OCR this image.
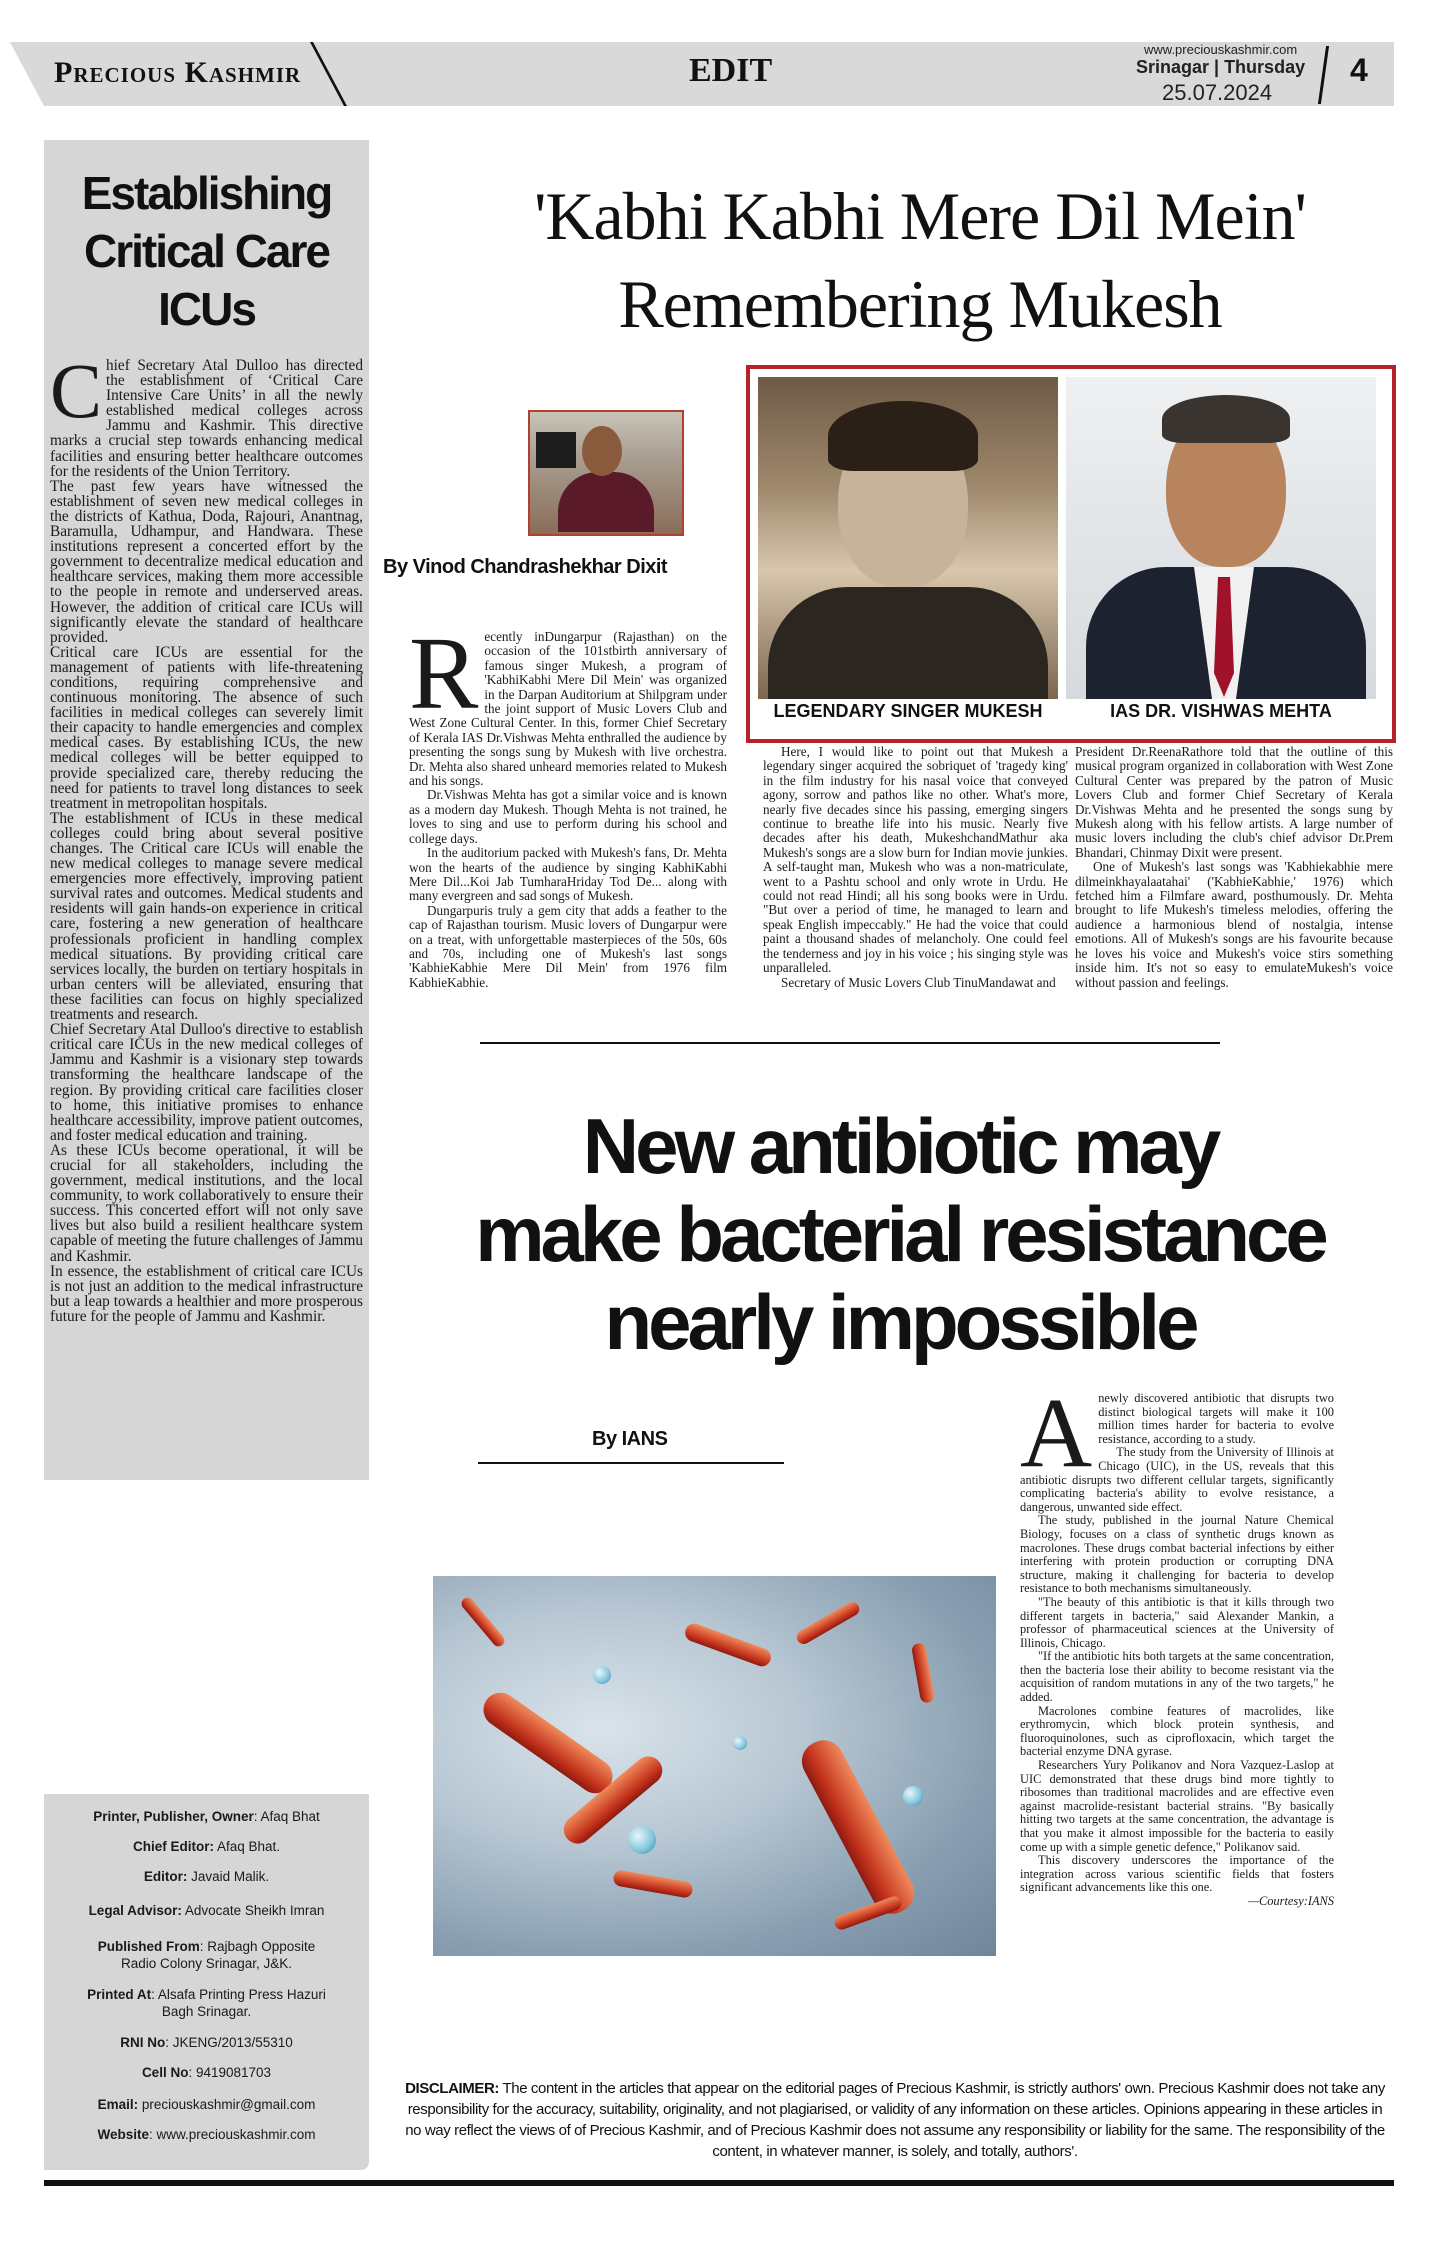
Precious Kashmir	EDIT
www.preciouskashmir.com
Srinagar | Thursday
25.07.2024
4
Establishing Critical Care ICUs

Chief Secretary Atal Dulloo has directed the establishment of ‘Critical Care Intensive Care Units’ in all the newly established medical colleges across Jammu and Kashmir. This directive marks a crucial step towards enhancing medical facilities and ensuring better healthcare outcomes for the residents of the Union Territory.

The past few years have witnessed the establishment of seven new medical colleges in the districts of Kathua, Doda, Rajouri, Anantnag, Baramulla, Udhampur, and Handwara. These institutions represent a concerted effort by the government to decentralize medical education and healthcare services, making them more accessible to the people in remote and underserved areas. However, the addition of critical care ICUs will significantly elevate the standard of healthcare provided.

Critical care ICUs are essential for the management of patients with life-threatening conditions, requiring comprehensive and continuous monitoring. The absence of such facilities in medical colleges can severely limit their capacity to handle emergencies and complex medical cases. By establishing ICUs, the new medical colleges will be better equipped to provide specialized care, thereby reducing the need for patients to travel long distances to seek treatment in metropolitan hospitals.

The establishment of ICUs in these medical colleges could bring about several positive changes. The Critical care ICUs will enable the new medical colleges to manage severe medical emergencies more effectively, improving patient survival rates and outcomes. Medical students and residents will gain hands-on experience in critical care, fostering a new generation of healthcare professionals proficient in handling complex medical situations. By providing critical care services locally, the burden on tertiary hospitals in urban centers will be alleviated, ensuring that these facilities can focus on highly specialized treatments and research.

Chief Secretary Atal Dulloo's directive to establish critical care ICUs in the new medical colleges of Jammu and Kashmir is a visionary step towards transforming the healthcare landscape of the region. By providing critical care facilities closer to home, this initiative promises to enhance healthcare accessibility, improve patient outcomes, and foster medical education and training.

As these ICUs become operational, it will be crucial for all stakeholders, including the government, medical institutions, and the local community, to work collaboratively to ensure their success. This concerted effort will not only save lives but also build a resilient healthcare system capable of meeting the future challenges of Jammu and Kashmir.

In essence, the establishment of critical care ICUs is not just an addition to the medical infrastructure but a leap towards a healthier and more prosperous future for the people of Jammu and Kashmir.

'Kabhi Kabhi Mere Dil Mein'
Remembering Mukesh
By Vinod Chandrashekhar Dixit
LEGENDARY SINGER MUKESH	IAS DR. VISHWAS MEHTA

Recently inDungarpur (Rajasthan) on the occasion of the 101stbirth anniversary of famous singer Mukesh, a program of 'KabhiKabhi Mere Dil Mein' was organized in the Darpan Auditorium at Shilpgram under the joint support of Music Lovers Club and West Zone Cultural Center. In this, former Chief Secretary of Kerala IAS Dr.Vishwas Mehta enthralled the audience by presenting the songs sung by Mukesh with live orchestra. Dr. Mehta also shared unheard memories related to Mukesh and his songs.

Dr.Vishwas Mehta has got a similar voice and is known as a modern day Mukesh. Though Mehta is not trained, he loves to sing and use to perform during his school and college days.

In the auditorium packed with Mukesh's fans, Dr. Mehta won the hearts of the audience by singing KabhiKabhi Mere Dil...Koi Jab TumharaHriday Tod De... along with many evergreen and sad songs of Mukesh.

Dungarpuris truly a gem city that adds a feather to the cap of Rajasthan tourism. Music lovers of Dungarpur were on a treat, with unforgettable masterpieces of the 50s, 60s and 70s, including one of Mukesh's last songs 'KabhieKabhie Mere Dil Mein' from 1976 film KabhieKabhie.

Here, I would like to point out that Mukesh a legendary singer acquired the sobriquet of 'tragedy king' in the film industry for his nasal voice that conveyed agony, sorrow and pathos like no other. What's more, nearly five decades since his passing, emerging singers continue to breathe life into his music. Nearly five decades after his death, MukeshchandMathur aka Mukesh's songs are a slow burn for Indian movie junkies. A self-taught man, Mukesh who was a non-matriculate, went to a Pashtu school and only wrote in Urdu. He could not read Hindi; all his song books were in Urdu. "But over a period of time, he managed to learn and speak English impeccably." He had the voice that could paint a thousand shades of melancholy. One could feel the tenderness and joy in his voice ; his singing style was unparalleled.

Secretary of Music Lovers Club TinuMandawat and

President Dr.ReenaRathore told that the outline of this musical program organized in collaboration with West Zone Cultural Center was prepared by the patron of Music Lovers Club and former Chief Secretary of Kerala Dr.Vishwas Mehta and he presented the songs sung by Mukesh along with his fellow artists. A large number of music lovers including the club's chief advisor Dr.Prem Bhandari, Chinmay Dixit were present.

One of Mukesh's last songs was 'Kabhiekabhie mere dilmeinkhayalaatahai' ('KabhieKabhie,' 1976) which fetched him a Filmfare award, posthumously. Dr. Mehta brought to life Mukesh's timeless melodies, offering the audience a harmonious blend of nostalgia, intense emotions. All of Mukesh's songs are his favourite because he loves his voice and Mukesh's voice stirs something inside him. It's not so easy to emulateMukesh's voice without passion and feelings.

New antibiotic may
make bacterial resistance
nearly impossible
By IANS	Anewly discovered antibiotic that disrupts two distinct biological targets will make it 100 million times harder for bacteria to evolve resistance, according to a study.

The study from the University of Illinois at Chicago (UIC), in the US, reveals that this antibiotic disrupts two different cellular targets, significantly complicating bacteria's ability to evolve resistance, a dangerous, unwanted side effect.

The study, published in the journal Nature Chemical Biology, focuses on a class of synthetic drugs known as macrolones. These drugs combat bacterial infections by either interfering with protein production or corrupting DNA structure, making it challenging for bacteria to develop resistance to both mechanisms simultaneously.

"The beauty of this antibiotic is that it kills through two different targets in bacteria," said Alexander Mankin, a professor of pharmaceutical sciences at the University of Illinois, Chicago.

"If the antibiotic hits both targets at the same concentration, then the bacteria lose their ability to become resistant via the acquisition of random mutations in any of the two targets," he added.

Macrolones combine features of macrolides, like erythromycin, which block protein synthesis, and fluoroquinolones, such as ciprofloxacin, which target the bacterial enzyme DNA gyrase.

Researchers Yury Polikanov and Nora Vazquez-Laslop at UIC demonstrated that these drugs bind more tightly to ribosomes than traditional macrolides and are effective even against macrolide-resistant bacterial strains. "By basically hitting two targets at the same concentration, the advantage is that you make it almost impossible for the bacteria to easily come up with a simple genetic defence," Polikanov said.

This discovery underscores the importance of the integration across various scientific fields that fosters significant advancements like this one.

—Courtesy:IANS

Printer, Publisher, Owner: Afaq Bhat
Chief Editor: Afaq Bhat.
Editor: Javaid Malik.
Legal Advisor: Advocate Sheikh Imran
Published From: Rajbagh Opposite Radio Colony Srinagar, J&K.
Printed At: Alsafa Printing Press Hazuri Bagh Srinagar.
RNI No: JKENG/2013/55310
Cell No: 9419081703
Email: preciouskashmir@gmail.com
Website: www.preciouskashmir.com
DISCLAIMER: The content in the articles that appear on the editorial pages of Precious Kashmir, is strictly authors' own. Precious Kashmir does not take any responsibility for the accuracy, suitability, originality, and not plagiarised, or validity of any information on these articles. Opinions appearing in these articles in no way reflect the views of of Precious Kashmir, and of Precious Kashmir does not assume any responsibility or liability for the same. The responsibility of the content, in whatever manner, is solely, and totally, authors'.
